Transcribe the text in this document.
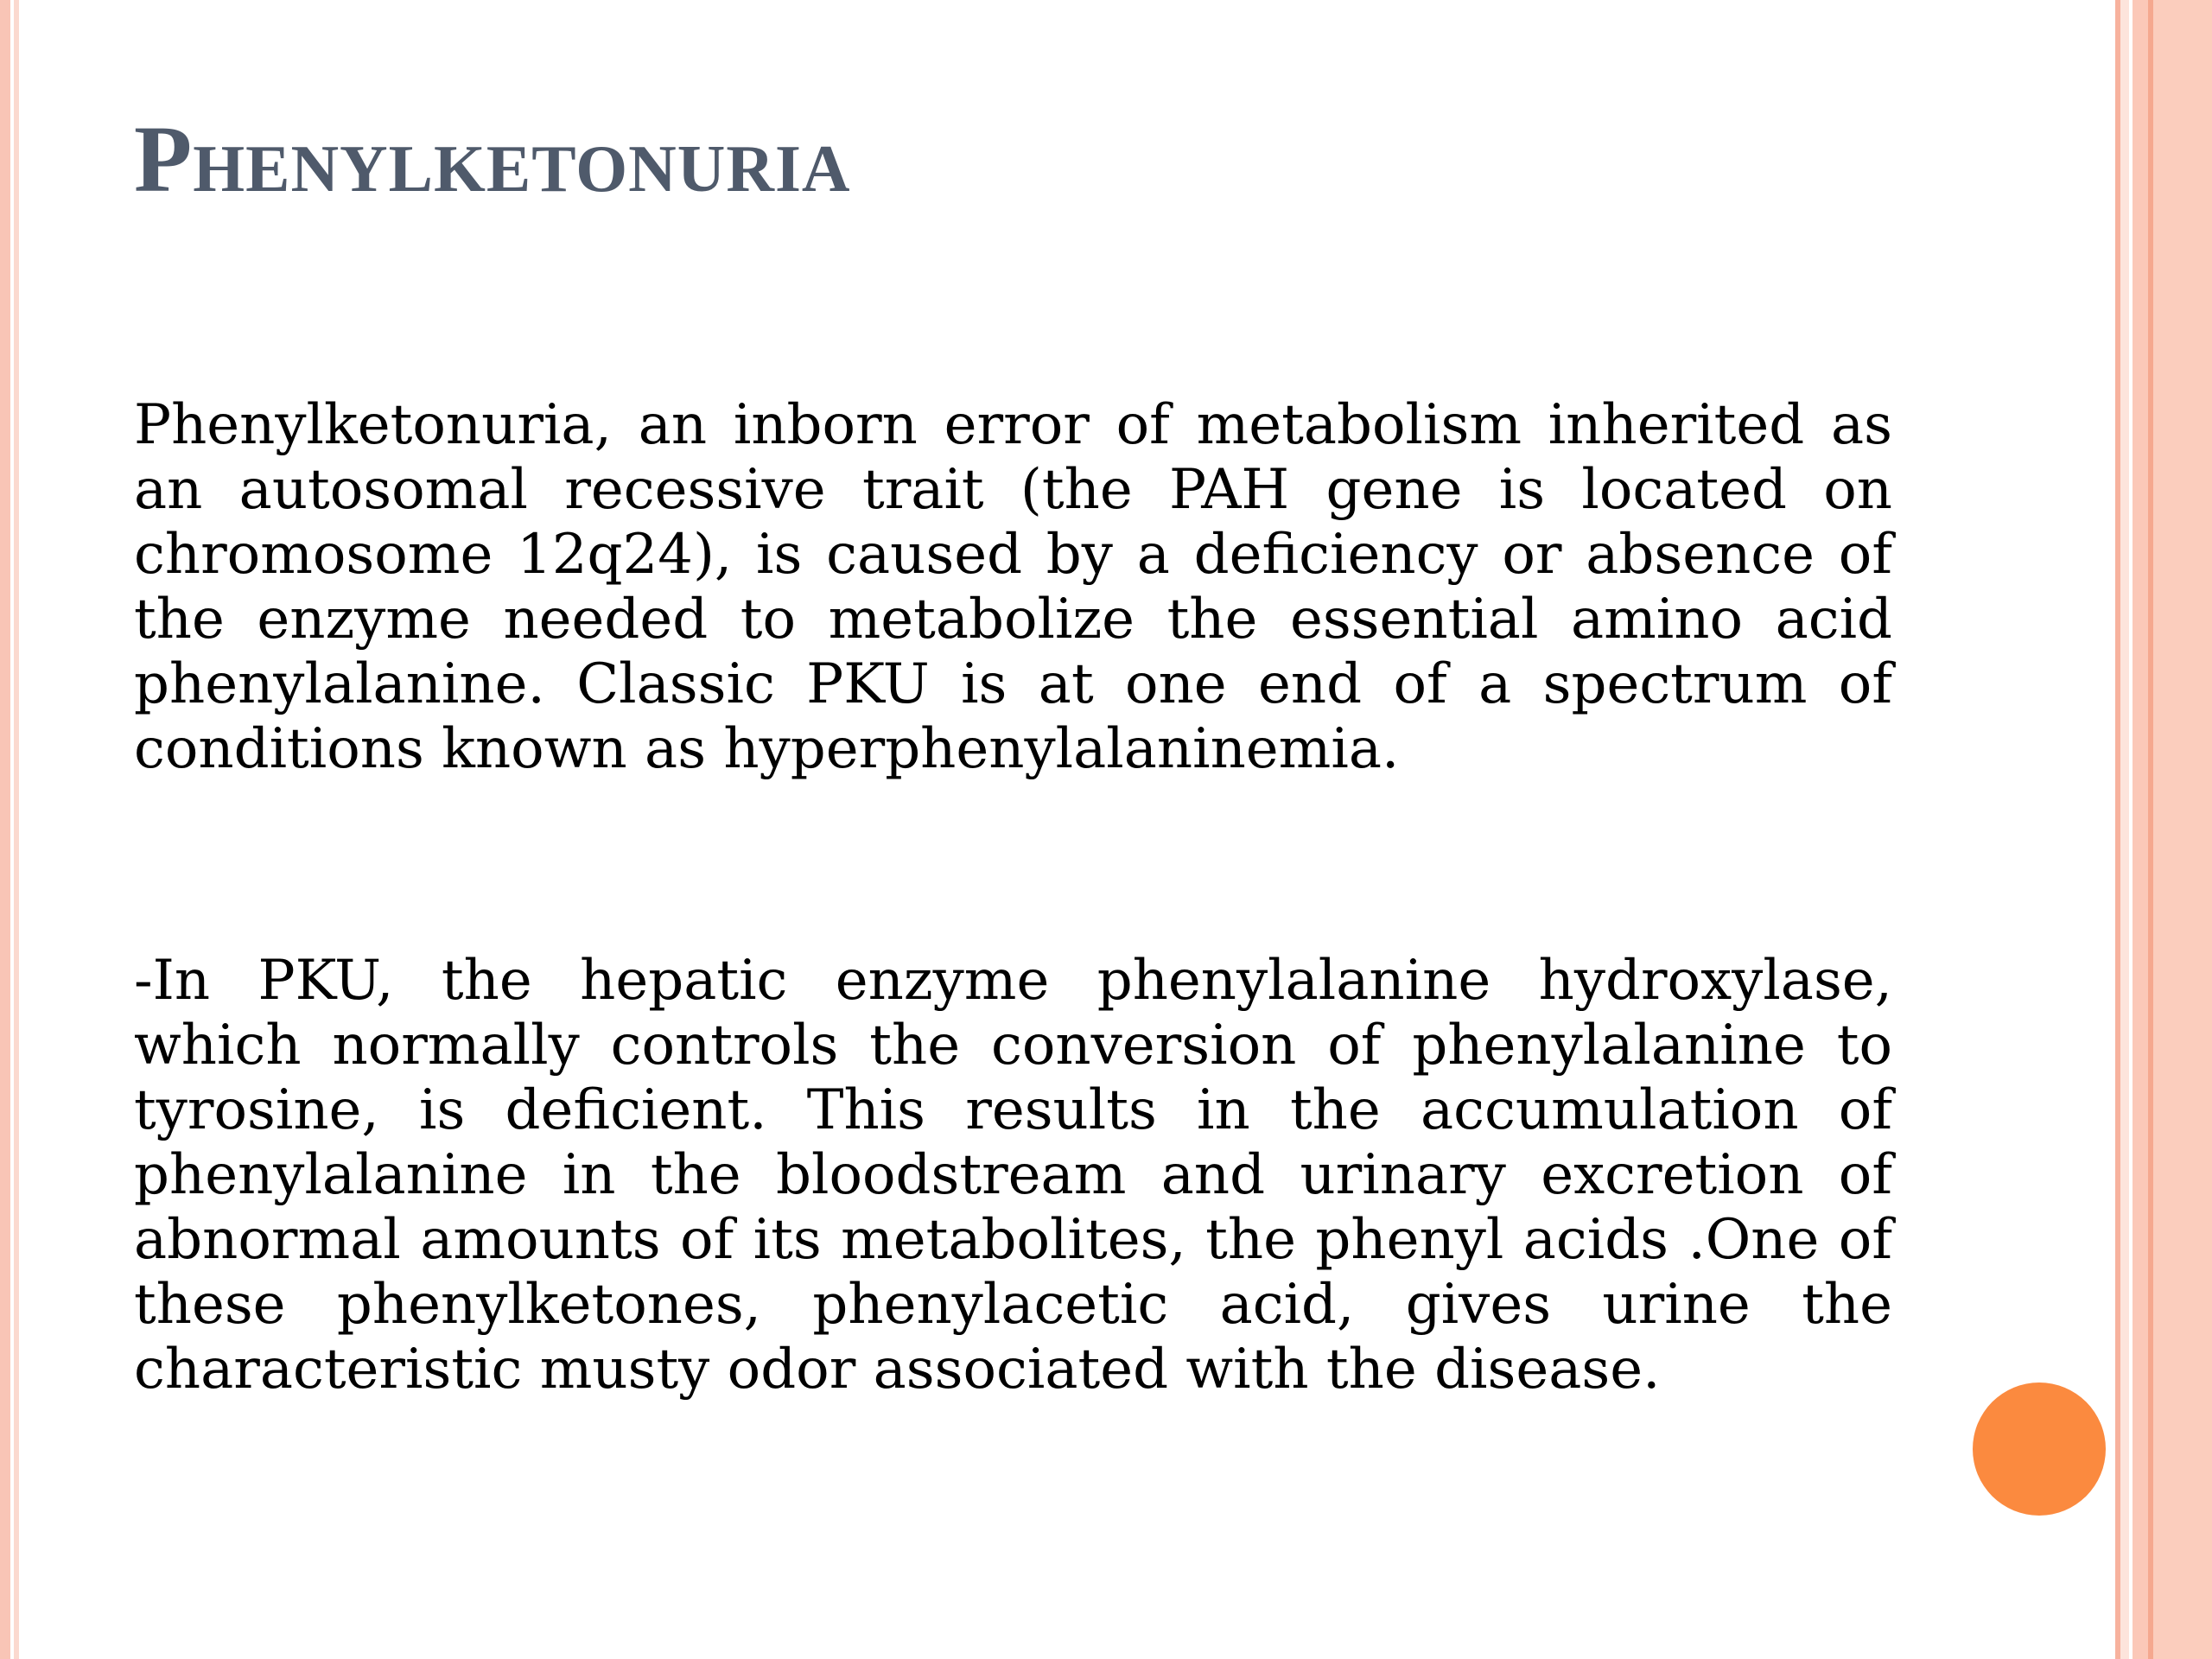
Phenylketonuria

Phenylketonuria, an inborn error of metabolism inherited as an autosomal recessive trait (the PAH gene is located on chromosome 12q24), is caused by a deficiency or absence of the enzyme needed to metabolize the essential amino acid phenylalanine. Classic PKU is at one end of a spectrum of conditions known as hyperphenylalaninemia.

-In PKU, the hepatic enzyme phenylalanine hydroxylase, which normally controls the conversion of phenylalanine to tyrosine, is deficient. This results in the accumulation of phenylalanine in the bloodstream and urinary excretion of abnormal amounts of its metabolites, the phenyl acids .One of these phenylketones, phenylacetic acid, gives urine the characteristic musty odor associated with the disease.
